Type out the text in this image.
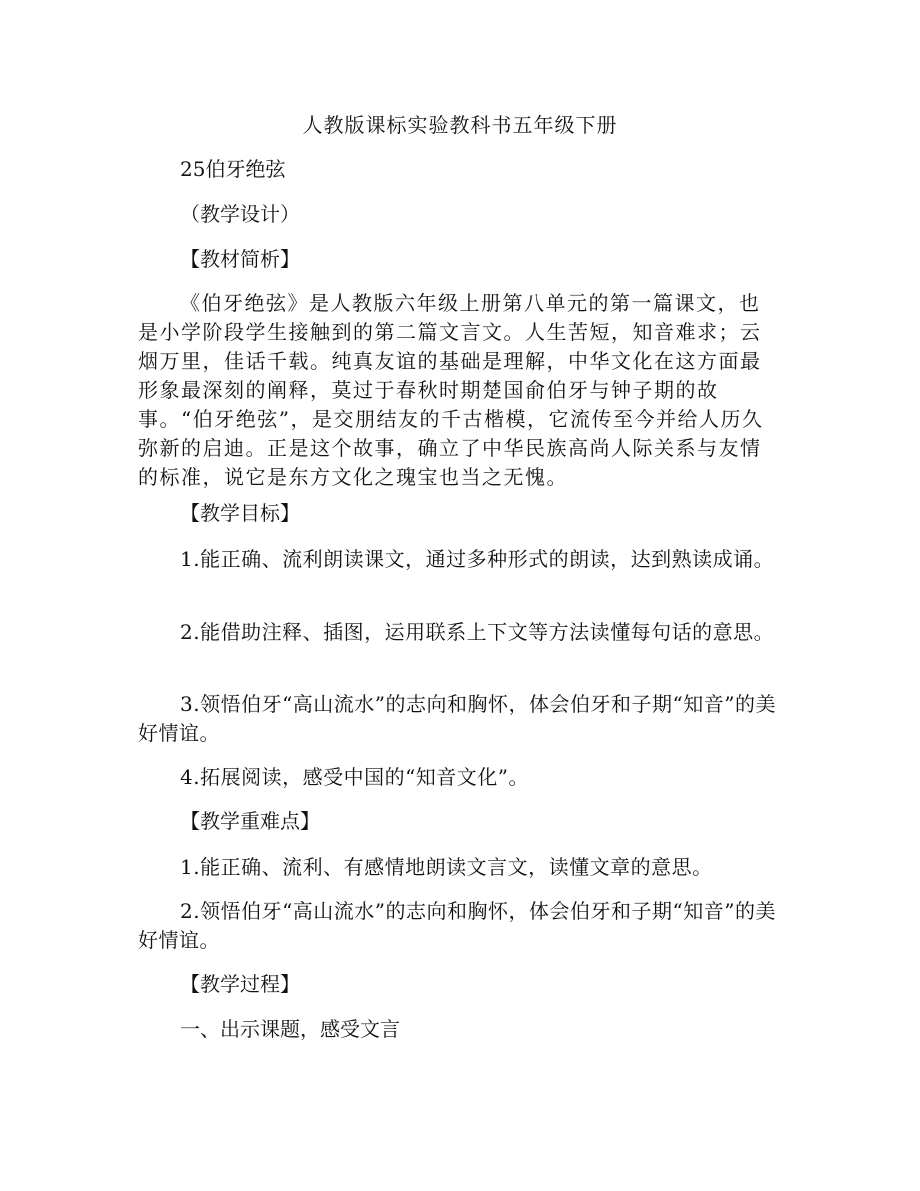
人教版课标实验教科书五年级下册
25伯牙绝弦
（教学设计）
【教材简析】
《伯牙绝弦》是人教版六年级上册第八单元的第一篇课文，也是小学阶段学生接触到的第二篇文言文。人生苦短，知音难求；云烟万里，佳话千载。纯真友谊的基础是理解，中华文化在这方面最形象最深刻的阐释，莫过于春秋时期楚国俞伯牙与钟子期的故事。“伯牙绝弦”，是交朋结友的千古楷模，它流传至今并给人历久弥新的启迪。正是这个故事，确立了中华民族高尚人际关系与友情的标准，说它是东方文化之瑰宝也当之无愧。
【教学目标】
1.能正确、流利朗读课文，通过多种形式的朗读，达到熟读成诵。
2.能借助注释、插图，运用联系上下文等方法读懂每句话的意思。
3.领悟伯牙“高山流水”的志向和胸怀，体会伯牙和子期“知音”的美好情谊。
4.拓展阅读，感受中国的“知音文化”。
【教学重难点】
1.能正确、流利、有感情地朗读文言文，读懂文章的意思。
2.领悟伯牙“高山流水”的志向和胸怀，体会伯牙和子期“知音”的美好情谊。
【教学过程】
一、出示课题，感受文言
